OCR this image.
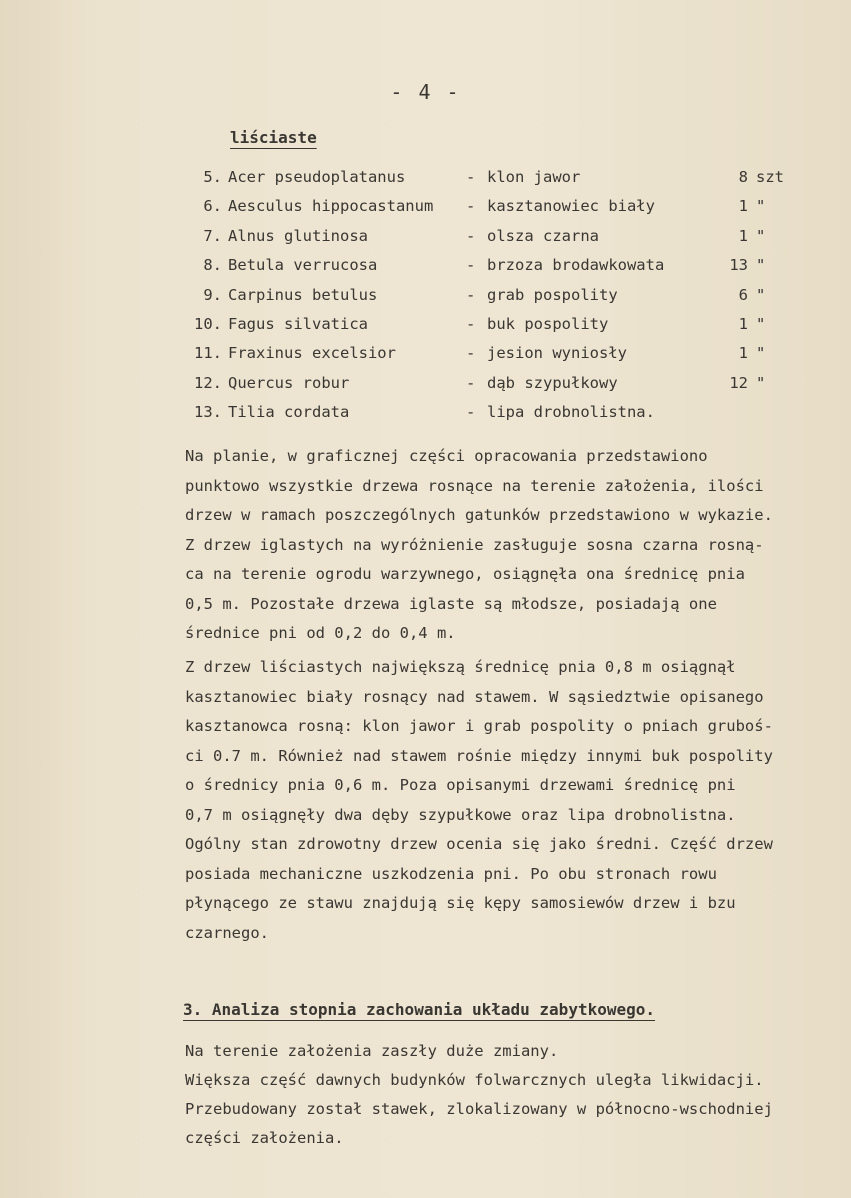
- 4 -
liściaste
5. Acer pseudoplatanus	- klon jawor	8 szt
6. Aesculus hippocastanum - kasztanowiec biały	1 "
7. Alnus glutinosa	- olsza czarna	1 "
8. Betula verrucosa	- brzoza brodawkowata	13 "
9. Carpinus betulus	- grab pospolity	6 "
10. Fagus silvatica	- buk pospolity	1 "
11. Fraxinus excelsior	- jesion wyniosły	1 "
12. Quercus robur	- dąb szypułkowy	12 "
13. Tilia cordata	- lipa drobnolistna.
Na planie, w graficznej części opracowania przedstawiono
punktowo wszystkie drzewa rosnące na terenie założenia, ilości
drzew w ramach poszczególnych gatunków przedstawiono w wykazie.
Z drzew iglastych na wyróżnienie zasługuje sosna czarna rosną-
ca na terenie ogrodu warzywnego, osiągnęła ona średnicę pnia
0,5 m. Pozostałe drzewa iglaste są młodsze, posiadają one
średnice pni od 0,2 do 0,4 m.
Z drzew liściastych największą średnicę pnia 0,8 m osiągnął
kasztanowiec biały rosnący nad stawem. W sąsiedztwie opisanego
kasztanowca rosną: klon jawor i grab pospolity o pniach gruboś-
ci 0.7 m. Również nad stawem rośnie między innymi buk pospolity
o średnicy pnia 0,6 m. Poza opisanymi drzewami średnicę pni
0,7 m osiągnęły dwa dęby szypułkowe oraz lipa drobnolistna.
Ogólny stan zdrowotny drzew ocenia się jako średni. Część drzew
posiada mechaniczne uszkodzenia pni. Po obu stronach rowu
płynącego ze stawu znajdują się kępy samosiewów drzew i bzu
czarnego.
3. Analiza stopnia zachowania układu zabytkowego.
Na terenie założenia zaszły duże zmiany.
Większa część dawnych budynków folwarcznych uległa likwidacji.
Przebudowany został stawek, zlokalizowany w północno-wschodniej
części założenia.
